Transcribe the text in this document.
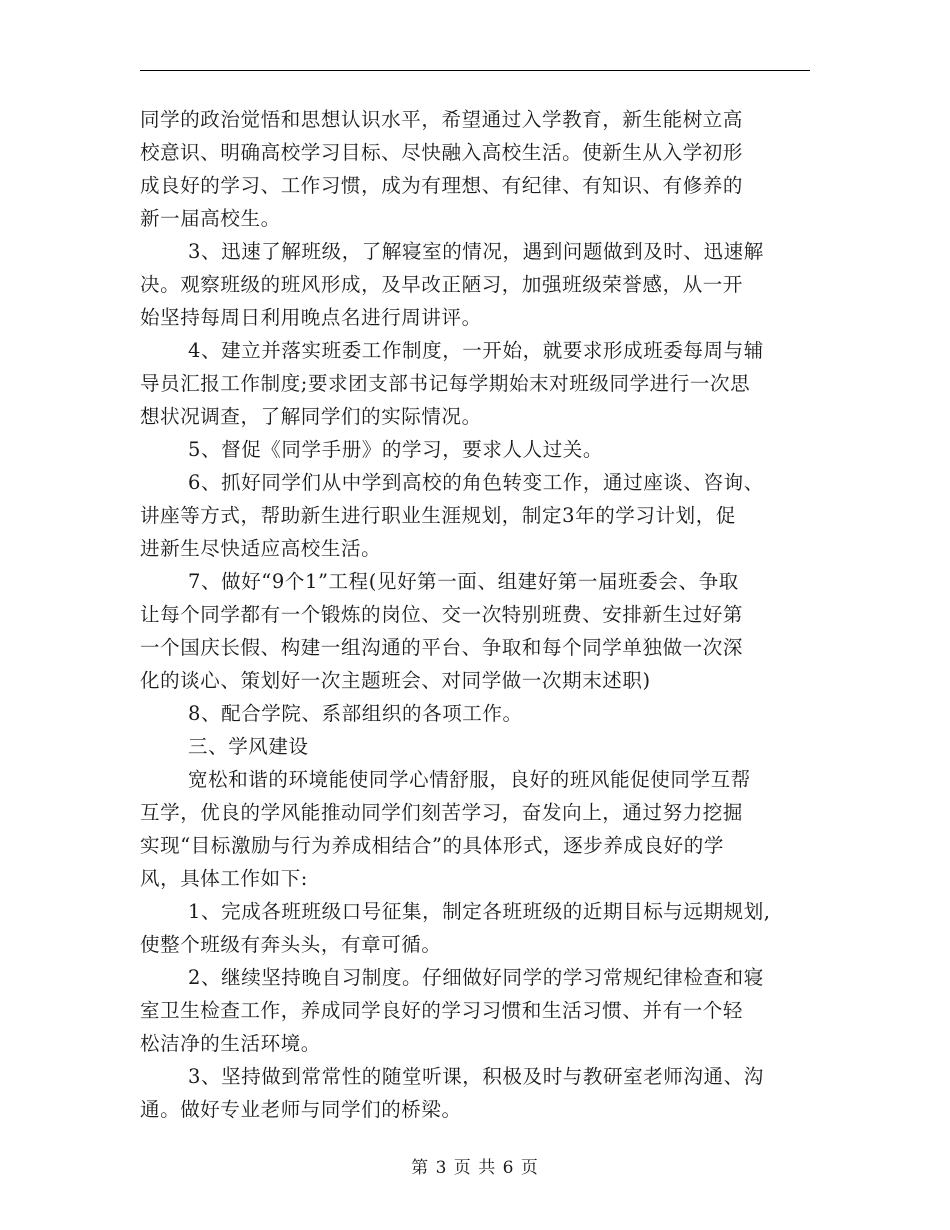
同学的政治觉悟和思想认识水平，希望通过入学教育，新生能树立高
校意识、明确高校学习目标、尽快融入高校生活。使新生从入学初形
成良好的学习、工作习惯，成为有理想、有纪律、有知识、有修养的
新一届高校生。
3、迅速了解班级，了解寝室的情况，遇到问题做到及时、迅速解
决。观察班级的班风形成，及早改正陋习，加强班级荣誉感，从一开
始坚持每周日利用晚点名进行周讲评。
4、建立并落实班委工作制度，一开始，就要求形成班委每周与辅
导员汇报工作制度;要求团支部书记每学期始末对班级同学进行一次思
想状况调查，了解同学们的实际情况。
5、督促《同学手册》的学习，要求人人过关。
6、抓好同学们从中学到高校的角色转变工作，通过座谈、咨询、
讲座等方式，帮助新生进行职业生涯规划，制定3年的学习计划，促
进新生尽快适应高校生活。
7、做好“9个1”工程(见好第一面、组建好第一届班委会、争取
让每个同学都有一个锻炼的岗位、交一次特别班费、安排新生过好第
一个国庆长假、构建一组沟通的平台、争取和每个同学单独做一次深
化的谈心、策划好一次主题班会、对同学做一次期末述职)
8、配合学院、系部组织的各项工作。
三、学风建设
宽松和谐的环境能使同学心情舒服，良好的班风能促使同学互帮
互学，优良的学风能推动同学们刻苦学习，奋发向上，通过努力挖掘
实现“目标激励与行为养成相结合”的具体形式，逐步养成良好的学
风，具体工作如下:
1、完成各班班级口号征集，制定各班班级的近期目标与远期规划,
使整个班级有奔头头，有章可循。
2、继续坚持晚自习制度。仔细做好同学的学习常规纪律检查和寝
室卫生检查工作，养成同学良好的学习习惯和生活习惯、并有一个轻
松洁净的生活环境。
3、坚持做到常常性的随堂听课，积极及时与教研室老师沟通、沟
通。做好专业老师与同学们的桥梁。
第 3 页 共 6 页
